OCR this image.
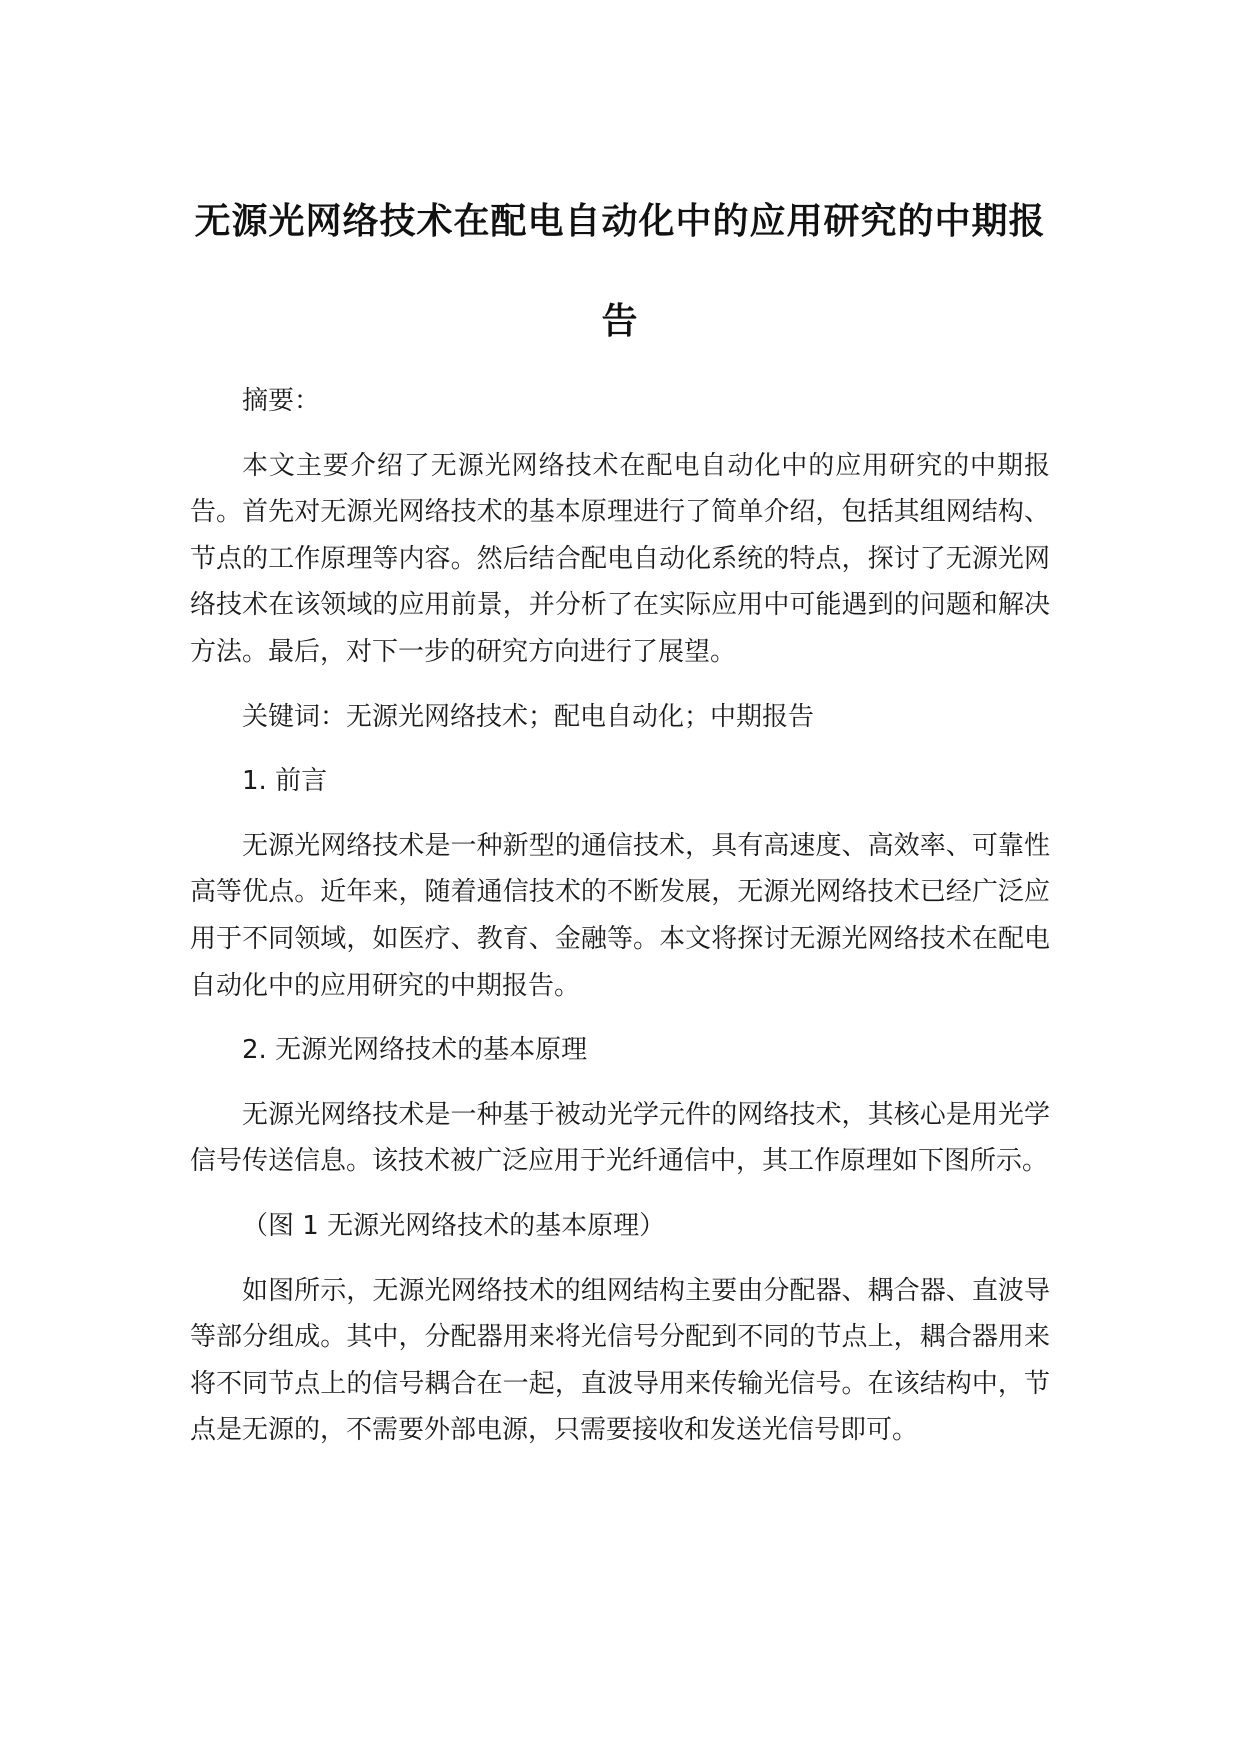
无源光网络技术在配电自动化中的应用研究的中期报告

摘要：

本文主要介绍了无源光网络技术在配电自动化中的应用研究的中期报告。首先对无源光网络技术的基本原理进行了简单介绍，包括其组网结构、节点的工作原理等内容。然后结合配电自动化系统的特点，探讨了无源光网络技术在该领域的应用前景，并分析了在实际应用中可能遇到的问题和解决方法。最后，对下一步的研究方向进行了展望。

关键词：无源光网络技术；配电自动化；中期报告

1. 前言

无源光网络技术是一种新型的通信技术，具有高速度、高效率、可靠性高等优点。近年来，随着通信技术的不断发展，无源光网络技术已经广泛应用于不同领域，如医疗、教育、金融等。本文将探讨无源光网络技术在配电自动化中的应用研究的中期报告。

2. 无源光网络技术的基本原理

无源光网络技术是一种基于被动光学元件的网络技术，其核心是用光学信号传送信息。该技术被广泛应用于光纤通信中，其工作原理如下图所示。

（图 1 无源光网络技术的基本原理）

如图所示，无源光网络技术的组网结构主要由分配器、耦合器、直波导等部分组成。其中，分配器用来将光信号分配到不同的节点上，耦合器用来将不同节点上的信号耦合在一起，直波导用来传输光信号。在该结构中，节点是无源的，不需要外部电源，只需要接收和发送光信号即可。
